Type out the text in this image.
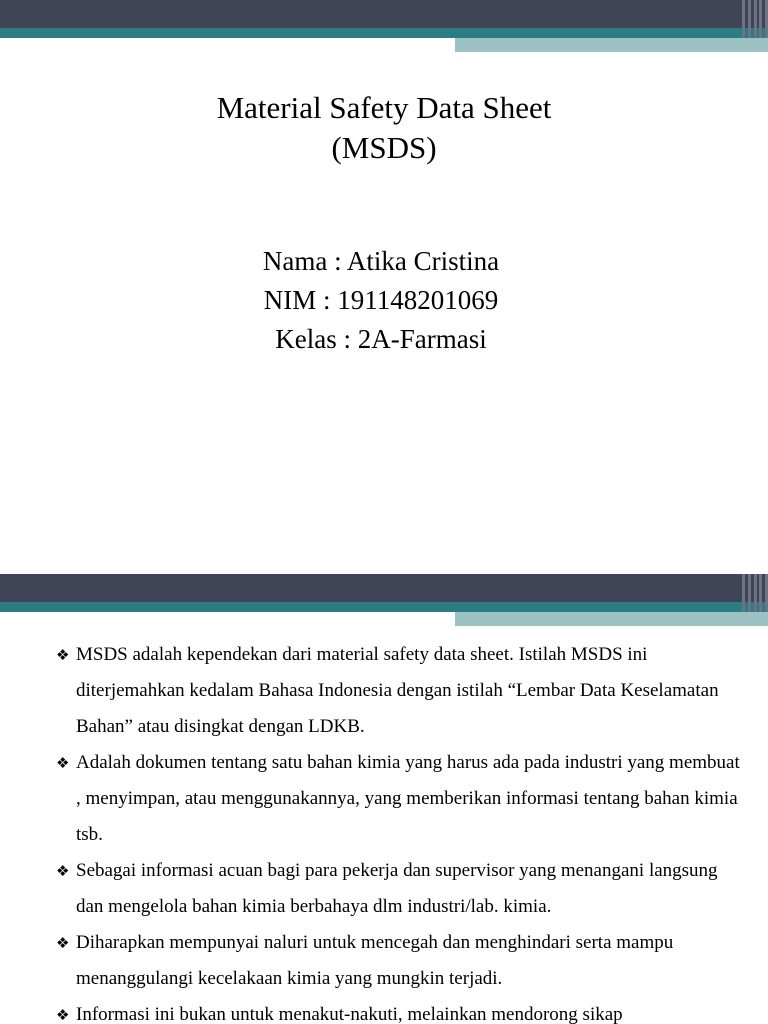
Material Safety Data Sheet
(MSDS)
Nama : Atika Cristina
NIM : 191148201069
Kelas : 2A-Farmasi
❖ MSDS adalah kependekan dari material safety data sheet. Istilah MSDS ini diterjemahkan kedalam Bahasa Indonesia dengan istilah “Lembar Data Keselamatan Bahan” atau disingkat dengan LDKB.
❖ Adalah dokumen tentang satu bahan kimia yang harus ada pada industri yang membuat , menyimpan, atau menggunakannya, yang memberikan informasi tentang bahan kimia tsb.
❖ Sebagai informasi acuan bagi para pekerja dan supervisor yang menangani langsung dan mengelola bahan kimia berbahaya dlm industri/lab. kimia.
❖ Diharapkan mempunyai naluri untuk mencegah dan menghindari serta mampu menanggulangi kecelakaan kimia yang mungkin terjadi.
❖ Informasi ini bukan untuk menakut-nakuti, melainkan mendorong sikap
